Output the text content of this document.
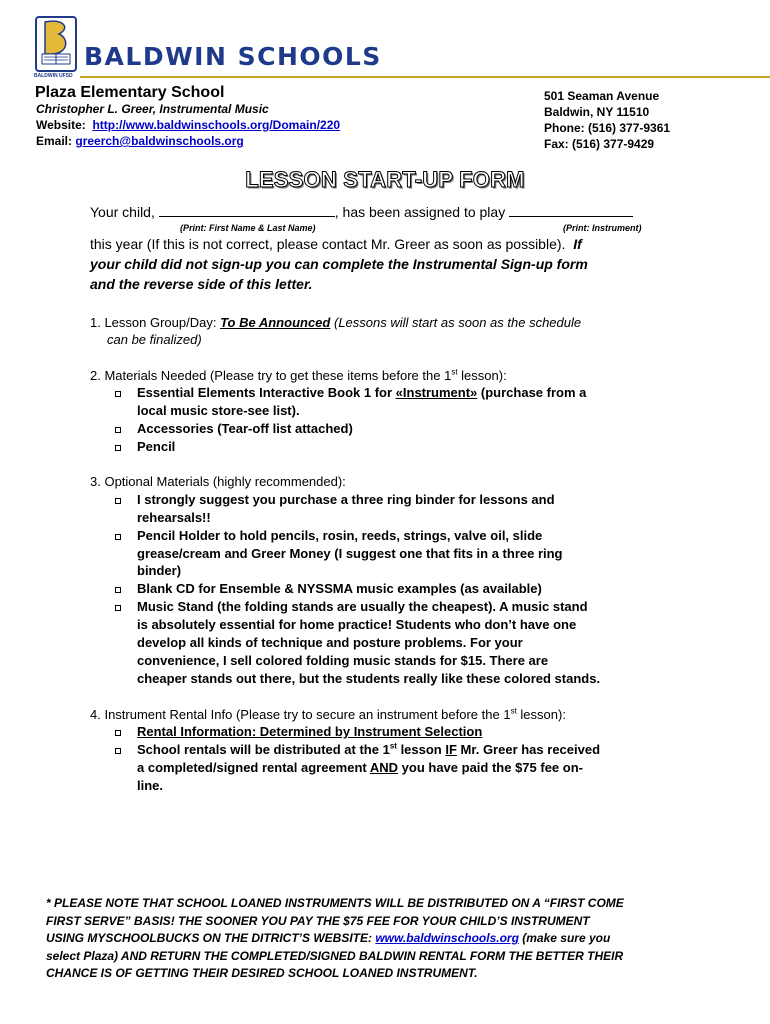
BALDWIN UFSD
BALDWIN SCHOOLS
Plaza Elementary School
Christopher L. Greer, Instrumental Music
Website: http://www.baldwinschools.org/Domain/220
Email: greerch@baldwinschools.org
501 Seaman Avenue
Baldwin, NY 11510
Phone: (516) 377-9361
Fax: (516) 377-9429
LESSON START-UP FORM
Your child,	, has been assigned to play
(Print: First Name & Last Name)	(Print: Instrument)
this year (If this is not correct, please contact Mr. Greer as soon as possible). If
your child did not sign-up you can complete the Instrumental Sign-up form
and the reverse side of this letter.
1. Lesson Group/Day: To Be Announced (Lessons will start as soon as the schedule
can be finalized)
2. Materials Needed (Please try to get these items before the 1st lesson):
Essential Elements Interactive Book 1 for «Instrument» (purchase from a
local music store-see list).
Accessories (Tear-off list attached)
Pencil
3. Optional Materials (highly recommended):
I strongly suggest you purchase a three ring binder for lessons and
rehearsals!!
Pencil Holder to hold pencils, rosin, reeds, strings, valve oil, slide
grease/cream and Greer Money (I suggest one that fits in a three ring
binder)
Blank CD for Ensemble & NYSSMA music examples (as available)
Music Stand (the folding stands are usually the cheapest). A music stand
is absolutely essential for home practice! Students who don’t have one
develop all kinds of technique and posture problems. For your
convenience, I sell colored folding music stands for $15. There are
cheaper stands out there, but the students really like these colored stands.
4. Instrument Rental Info (Please try to secure an instrument before the 1st lesson):
Rental Information: Determined by Instrument Selection
School rentals will be distributed at the 1st lesson IF Mr. Greer has received
a completed/signed rental agreement AND you have paid the $75 fee on-
line.
* PLEASE NOTE THAT SCHOOL LOANED INSTRUMENTS WILL BE DISTRIBUTED ON A “FIRST COME
FIRST SERVE” BASIS! THE SOONER YOU PAY THE $75 FEE FOR YOUR CHILD’S INSTRUMENT
USING MYSCHOOLBUCKS ON THE DITRICT’S WEBSITE: www.baldwinschools.org (make sure you
select Plaza) AND RETURN THE COMPLETED/SIGNED BALDWIN RENTAL FORM THE BETTER THEIR
CHANCE IS OF GETTING THEIR DESIRED SCHOOL LOANED INSTRUMENT.
